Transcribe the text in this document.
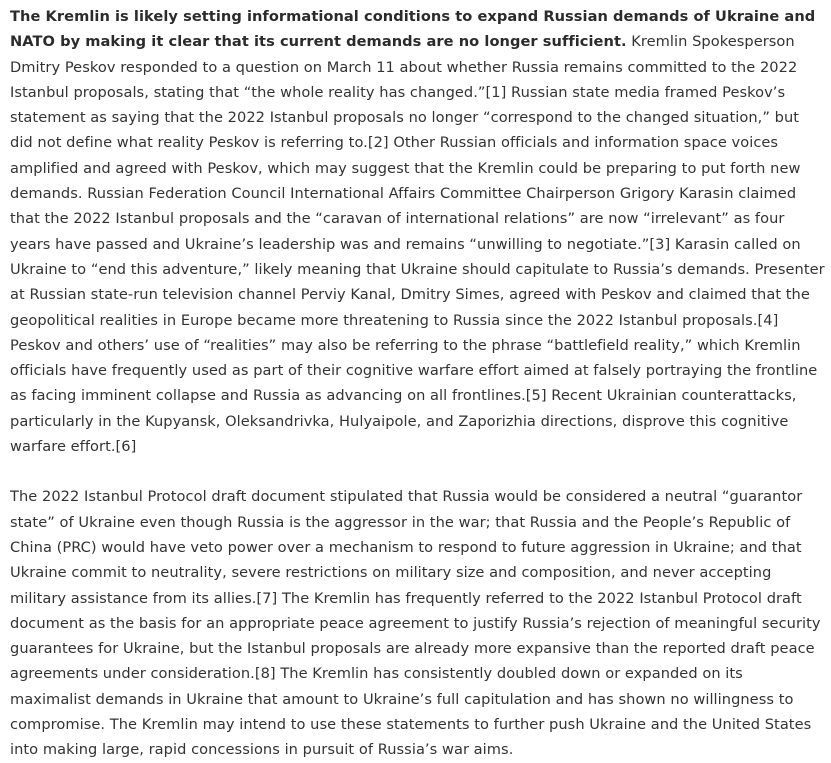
The Kremlin is likely setting informational conditions to expand Russian demands of Ukraine and NATO by making it clear that its current demands are no longer sufficient. Kremlin Spokesperson Dmitry Peskov responded to a question on March 11 about whether Russia remains committed to the 2022 Istanbul proposals, stating that “the whole reality has changed.”[1] Russian state media framed Peskov’s statement as saying that the 2022 Istanbul proposals no longer “correspond to the changed situation,” but did not define what reality Peskov is referring to.[2] Other Russian officials and information space voices amplified and agreed with Peskov, which may suggest that the Kremlin could be preparing to put forth new demands. Russian Federation Council International Affairs Committee Chairperson Grigory Karasin claimed that the 2022 Istanbul proposals and the “caravan of international relations” are now “irrelevant” as four years have passed and Ukraine’s leadership was and remains “unwilling to negotiate.”[3] Karasin called on Ukraine to “end this adventure,” likely meaning that Ukraine should capitulate to Russia’s demands. Presenter at Russian state-run television channel Perviy Kanal, Dmitry Simes, agreed with Peskov and claimed that the geopolitical realities in Europe became more threatening to Russia since the 2022 Istanbul proposals.[4] Peskov and others’ use of “realities” may also be referring to the phrase “battlefield reality,” which Kremlin officials have frequently used as part of their cognitive warfare effort aimed at falsely portraying the frontline as facing imminent collapse and Russia as advancing on all frontlines.[5] Recent Ukrainian counterattacks, particularly in the Kupyansk, Oleksandrivka, Hulyaipole, and Zaporizhia directions, disprove this cognitive warfare effort.[6]

The 2022 Istanbul Protocol draft document stipulated that Russia would be considered a neutral “guarantor state” of Ukraine even though Russia is the aggressor in the war; that Russia and the People’s Republic of China (PRC) would have veto power over a mechanism to respond to future aggression in Ukraine; and that Ukraine commit to neutrality, severe restrictions on military size and composition, and never accepting military assistance from its allies.[7] The Kremlin has frequently referred to the 2022 Istanbul Protocol draft document as the basis for an appropriate peace agreement to justify Russia’s rejection of meaningful security guarantees for Ukraine, but the Istanbul proposals are already more expansive than the reported draft peace agreements under consideration.[8] The Kremlin has consistently doubled down or expanded on its maximalist demands in Ukraine that amount to Ukraine’s full capitulation and has shown no willingness to compromise. The Kremlin may intend to use these statements to further push Ukraine and the United States into making large, rapid concessions in pursuit of Russia’s war aims.
